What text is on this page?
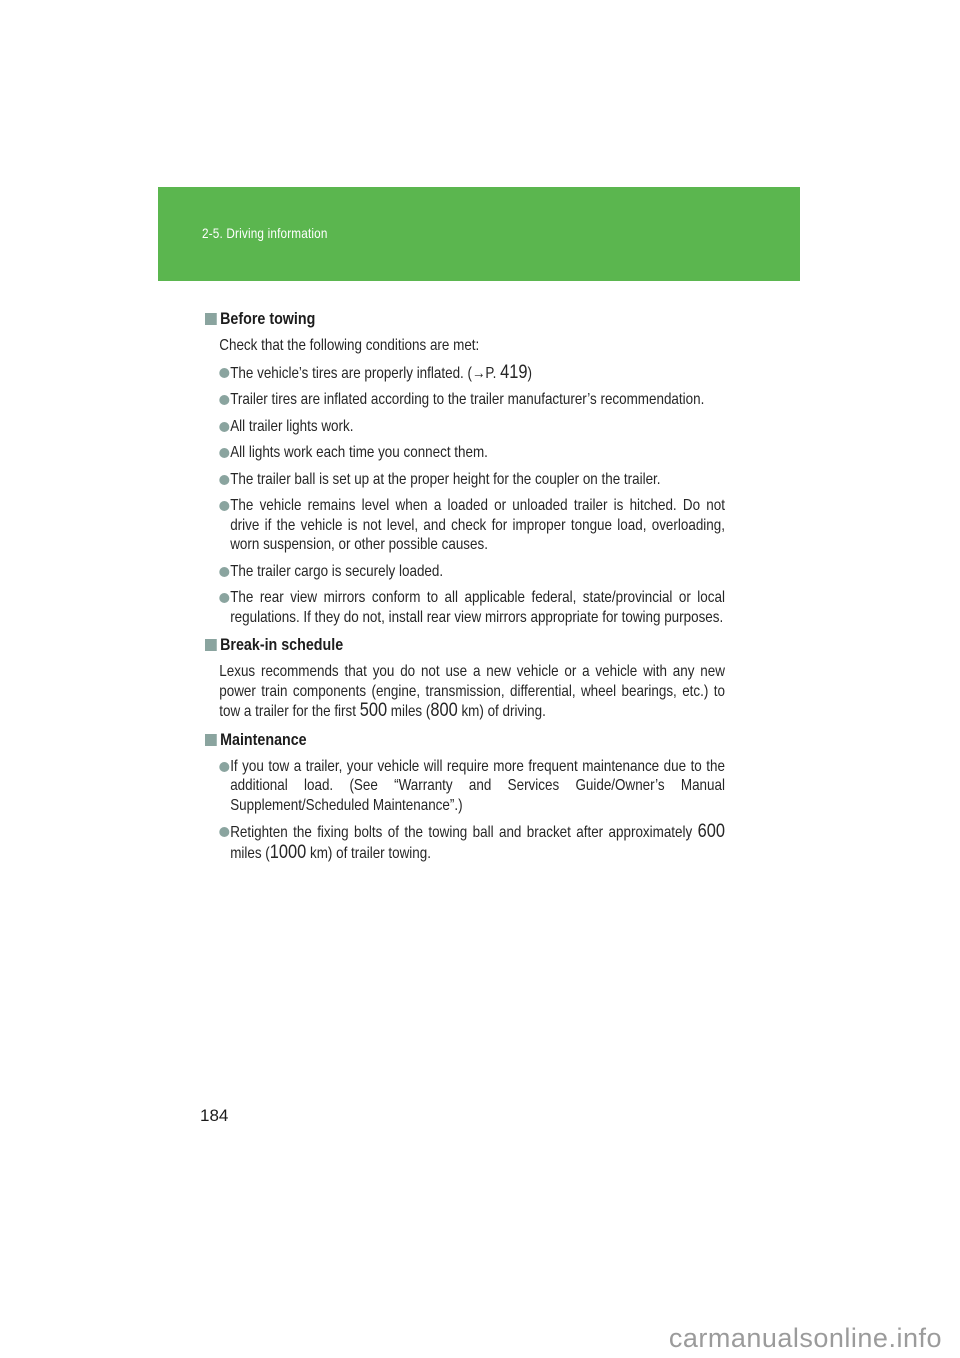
2-5. Driving information
Before towing

Check that the following conditions are met:

The vehicle’s tires are properly inflated. (→P. 419)
Trailer tires are inflated according to the trailer manufacturer’s recommendation.
All trailer lights work.
All lights work each time you connect them.
The trailer ball is set up at the proper height for the coupler on the trailer.
The vehicle remains level when a loaded or unloaded trailer is hitched. Do not drive if the vehicle is not level, and check for improper tongue load, overloading, worn suspension, or other possible causes.
The trailer cargo is securely loaded.
The rear view mirrors conform to all applicable federal, state/provincial or local regulations. If they do not, install rear view mirrors appropriate for towing purposes.
Break-in schedule

Lexus recommends that you do not use a new vehicle or a vehicle with any new power train components (engine, transmission, differential, wheel bearings, etc.) to tow a trailer for the first 500 miles (800 km) of driving.

Maintenance
If you tow a trailer, your vehicle will require more frequent maintenance due to the additional load. (See “Warranty and Services Guide/Owner’s Manual Supplement/Scheduled Maintenance”.)
Retighten the fixing bolts of the towing ball and bracket after approximately 600 miles (1000 km) of trailer towing.
184
carmanualsonline.info
